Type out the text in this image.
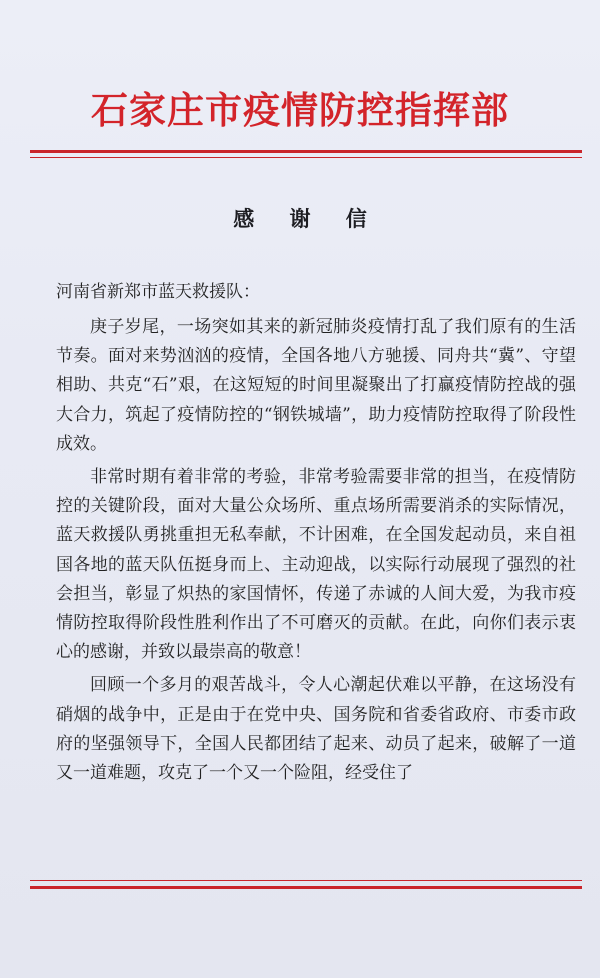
石家庄市疫情防控指挥部
感 谢 信
河南省新郑市蓝天救援队：

庚子岁尾，一场突如其来的新冠肺炎疫情打乱了我们原有的生活节奏。面对来势汹汹的疫情，全国各地八方驰援、同舟共“冀”、守望相助、共克“石”艰，在这短短的时间里凝聚出了打赢疫情防控战的强大合力，筑起了疫情防控的“钢铁城墙”，助力疫情防控取得了阶段性成效。

非常时期有着非常的考验，非常考验需要非常的担当，在疫情防控的关键阶段，面对大量公众场所、重点场所需要消杀的实际情况，蓝天救援队勇挑重担无私奉献，不计困难，在全国发起动员，来自祖国各地的蓝天队伍挺身而上、主动迎战，以实际行动展现了强烈的社会担当，彰显了炽热的家国情怀，传递了赤诚的人间大爱，为我市疫情防控取得阶段性胜利作出了不可磨灭的贡献。在此，向你们表示衷心的感谢，并致以最崇高的敬意！

回顾一个多月的艰苦战斗，令人心潮起伏难以平静，在这场没有硝烟的战争中，正是由于在党中央、国务院和省委省政府、市委市政府的坚强领导下，全国人民都团结了起来、动员了起来，破解了一道又一道难题，攻克了一个又一个险阻，经受住了
